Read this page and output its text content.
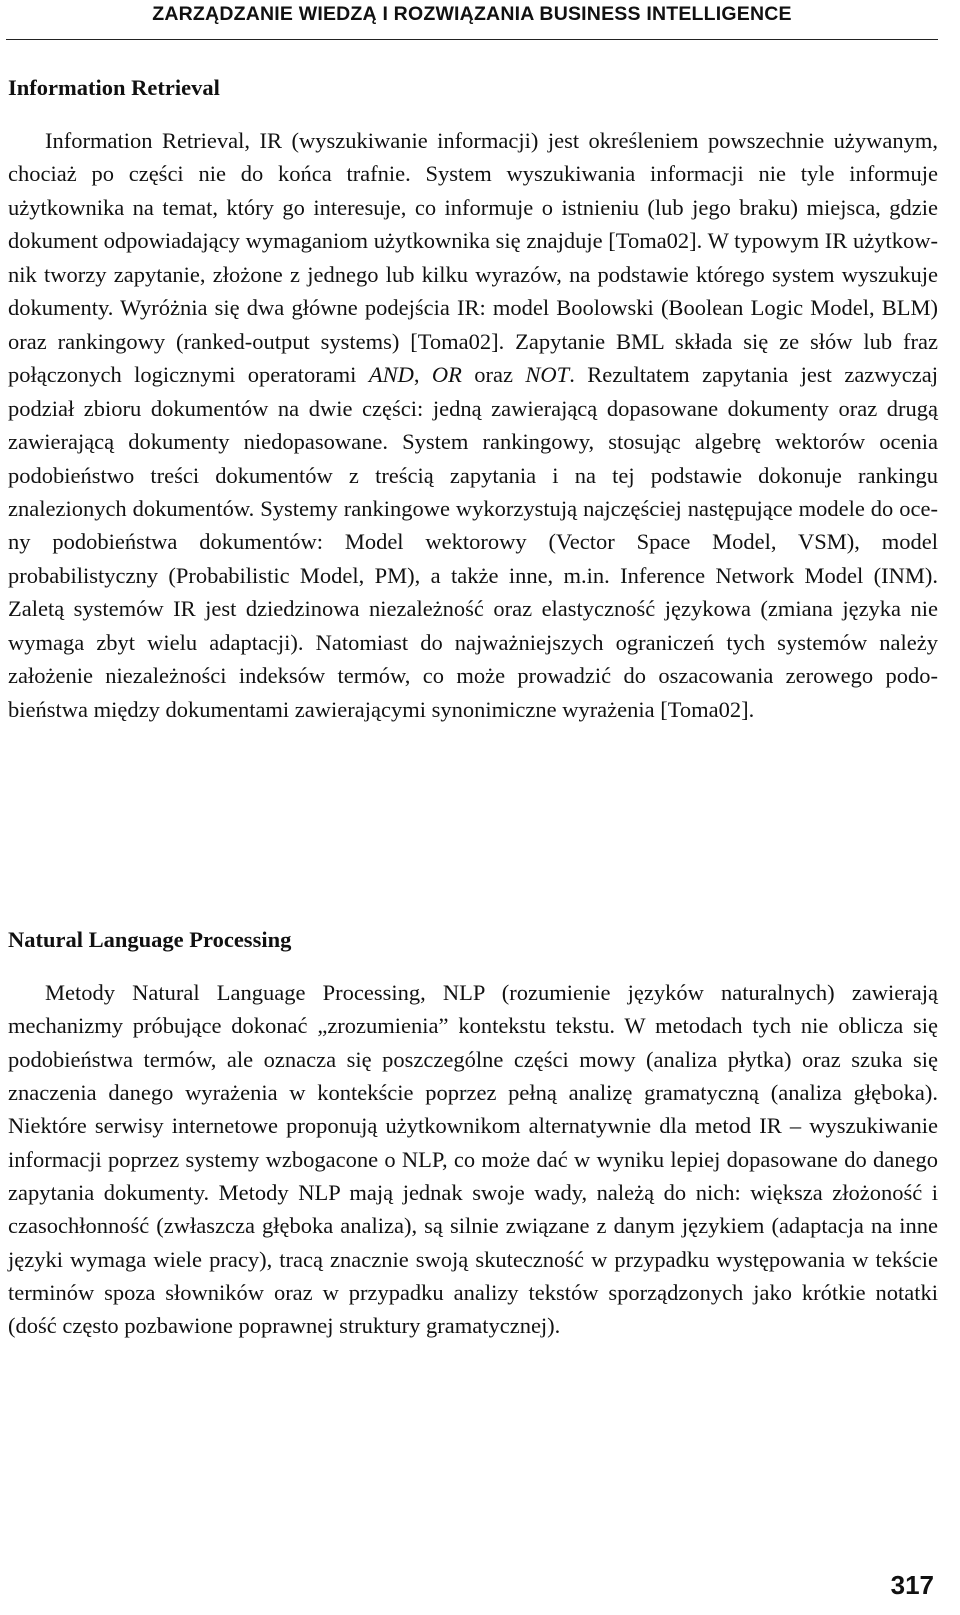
ZARZĄDZANIE WIEDZĄ I ROZWIĄZANIA BUSINESS INTELLIGENCE
Information Retrieval

Information Retrieval, IR (wyszukiwanie informacji) jest określeniem powszechnie używanym, chociaż po części nie do końca trafnie. System wyszukiwania informacji nie tyle informuje użytkownika na temat, który go interesuje, co informuje o istnieniu (lub jego braku) miejsca, gdzie dokument odpowiadający wymaganiom użytkownika się znajduje [Toma02]. W typowym IR użytkownik tworzy zapytanie, złożone z jednego lub kilku wyrazów, na podstawie którego system wyszukuje dokumenty. Wyróżnia się dwa główne podejścia IR: model Boolowski (Boolean Logic Model, BLM) oraz rankingowy (ranked-output systems) [Toma02]. Zapytanie BML składa się ze słów lub fraz połączonych logicznymi operatorami AND, OR oraz NOT. Rezultatem zapytania jest zazwyczaj podział zbioru dokumentów na dwie części: jedną zawierającą dopasowane dokumenty oraz drugą zawierającą dokumenty niedopasowane. System rankingowy, stosując algebrę wektorów ocenia podobieństwo treści dokumentów z treścią zapytania i na tej podstawie dokonuje rankingu znalezionych dokumentów. Systemy rankingowe wykorzystują najczęściej następujące modele do oceny podobieństwa dokumentów: Model wektorowy (Vector Space Model, VSM), model probabilistyczny (Probabilistic Model, PM), a także inne, m.in. Inference Network Model (INM). Zaletą systemów IR jest dziedzinowa niezależność oraz elastyczność językowa (zmiana języka nie wymaga zbyt wielu adaptacji). Natomiast do najważniejszych ograniczeń tych systemów należy założenie niezależności indeksów termów, co może prowadzić do oszacowania zerowego podobieństwa między dokumentami zawierającymi synonimiczne wyrażenia [Toma02].

Natural Language Processing

Metody Natural Language Processing, NLP (rozumienie języków naturalnych) zawierają mechanizmy próbujące dokonać „zrozumienia” kontekstu tekstu. W metodach tych nie oblicza się podobieństwa termów, ale oznacza się poszczególne części mowy (analiza płytka) oraz szuka się znaczenia danego wyrażenia w kontekście poprzez pełną analizę gramatyczną (analiza głęboka). Niektóre serwisy internetowe proponują użytkownikom alternatywnie dla metod IR – wyszukiwanie informacji poprzez systemy wzbogacone o NLP, co może dać w wyniku lepiej dopasowane do danego zapytania dokumenty. Metody NLP mają jednak swoje wady, należą do nich: większa złożoność i czasochłonność (zwłaszcza głęboka analiza), są silnie związane z danym językiem (adaptacja na inne języki wymaga wiele pracy), tracą znacznie swoją skuteczność w przypadku występowania w tekście terminów spoza słowników oraz w przypadku analizy tekstów sporządzonych jako krótkie notatki (dość często pozbawione poprawnej struktury gramatycznej).

317
